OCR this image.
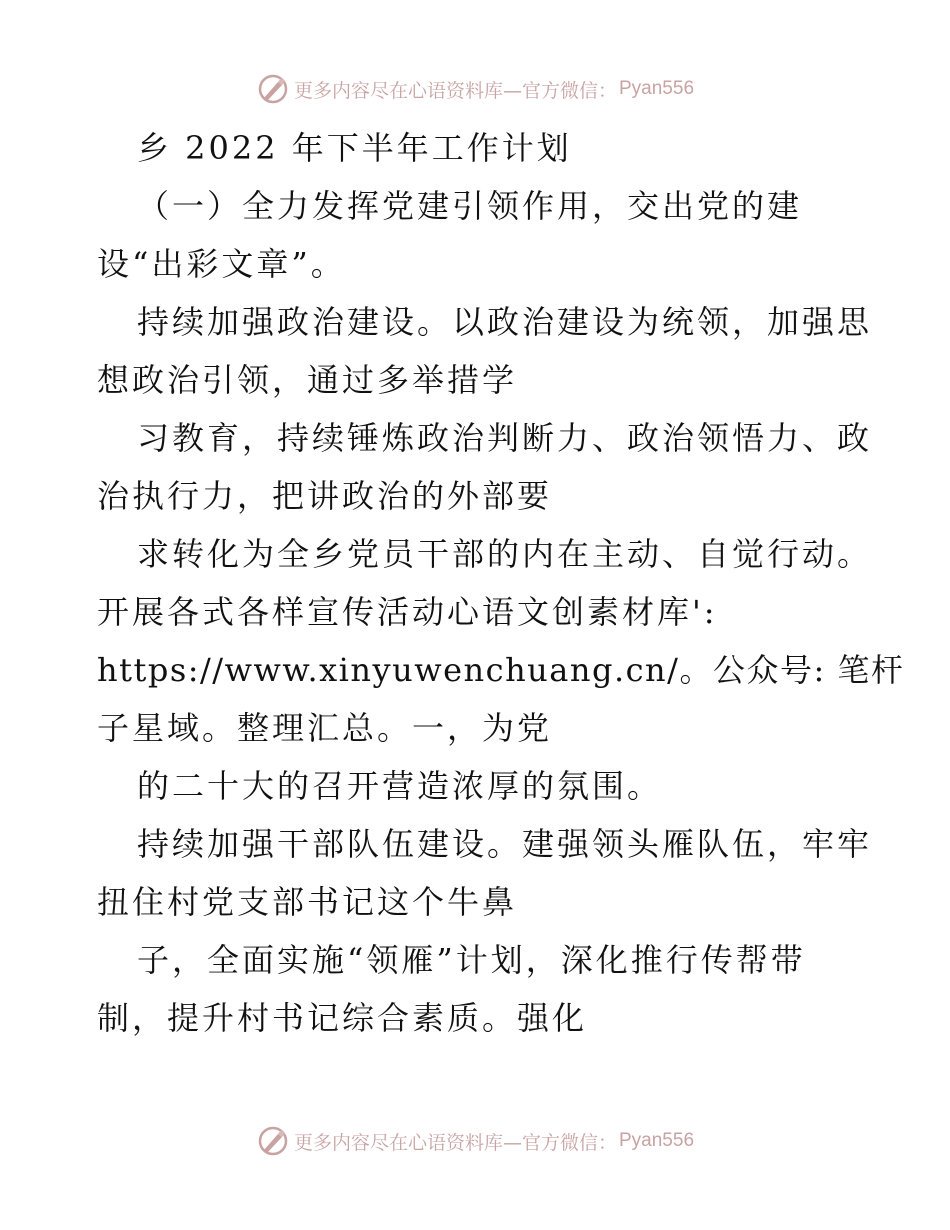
更多内容尽在心语资料库—官方微信： Pyan556
乡 2022 年下半年工作计划
（一）全力发挥党建引领作用，交出党的建
设“出彩文章”。
持续加强政治建设。以政治建设为统领，加强思
想政治引领，通过多举措学
习教育，持续锤炼政治判断力、政治领悟力、政
治执行力，把讲政治的外部要
求转化为全乡党员干部的内在主动、自觉行动。
开展各式各样宣传活动心语文创素材库':
https://www.xinyuwenchuang.cn/。公众号: 笔杆
子星域。整理汇总。一，为党
的二十大的召开营造浓厚的氛围。
持续加强干部队伍建设。建强领头雁队伍，牢牢
扭住村党支部书记这个牛鼻
子，全面实施“领雁”计划，深化推行传帮带
制，提升村书记综合素质。强化
更多内容尽在心语资料库—官方微信： Pyan556
